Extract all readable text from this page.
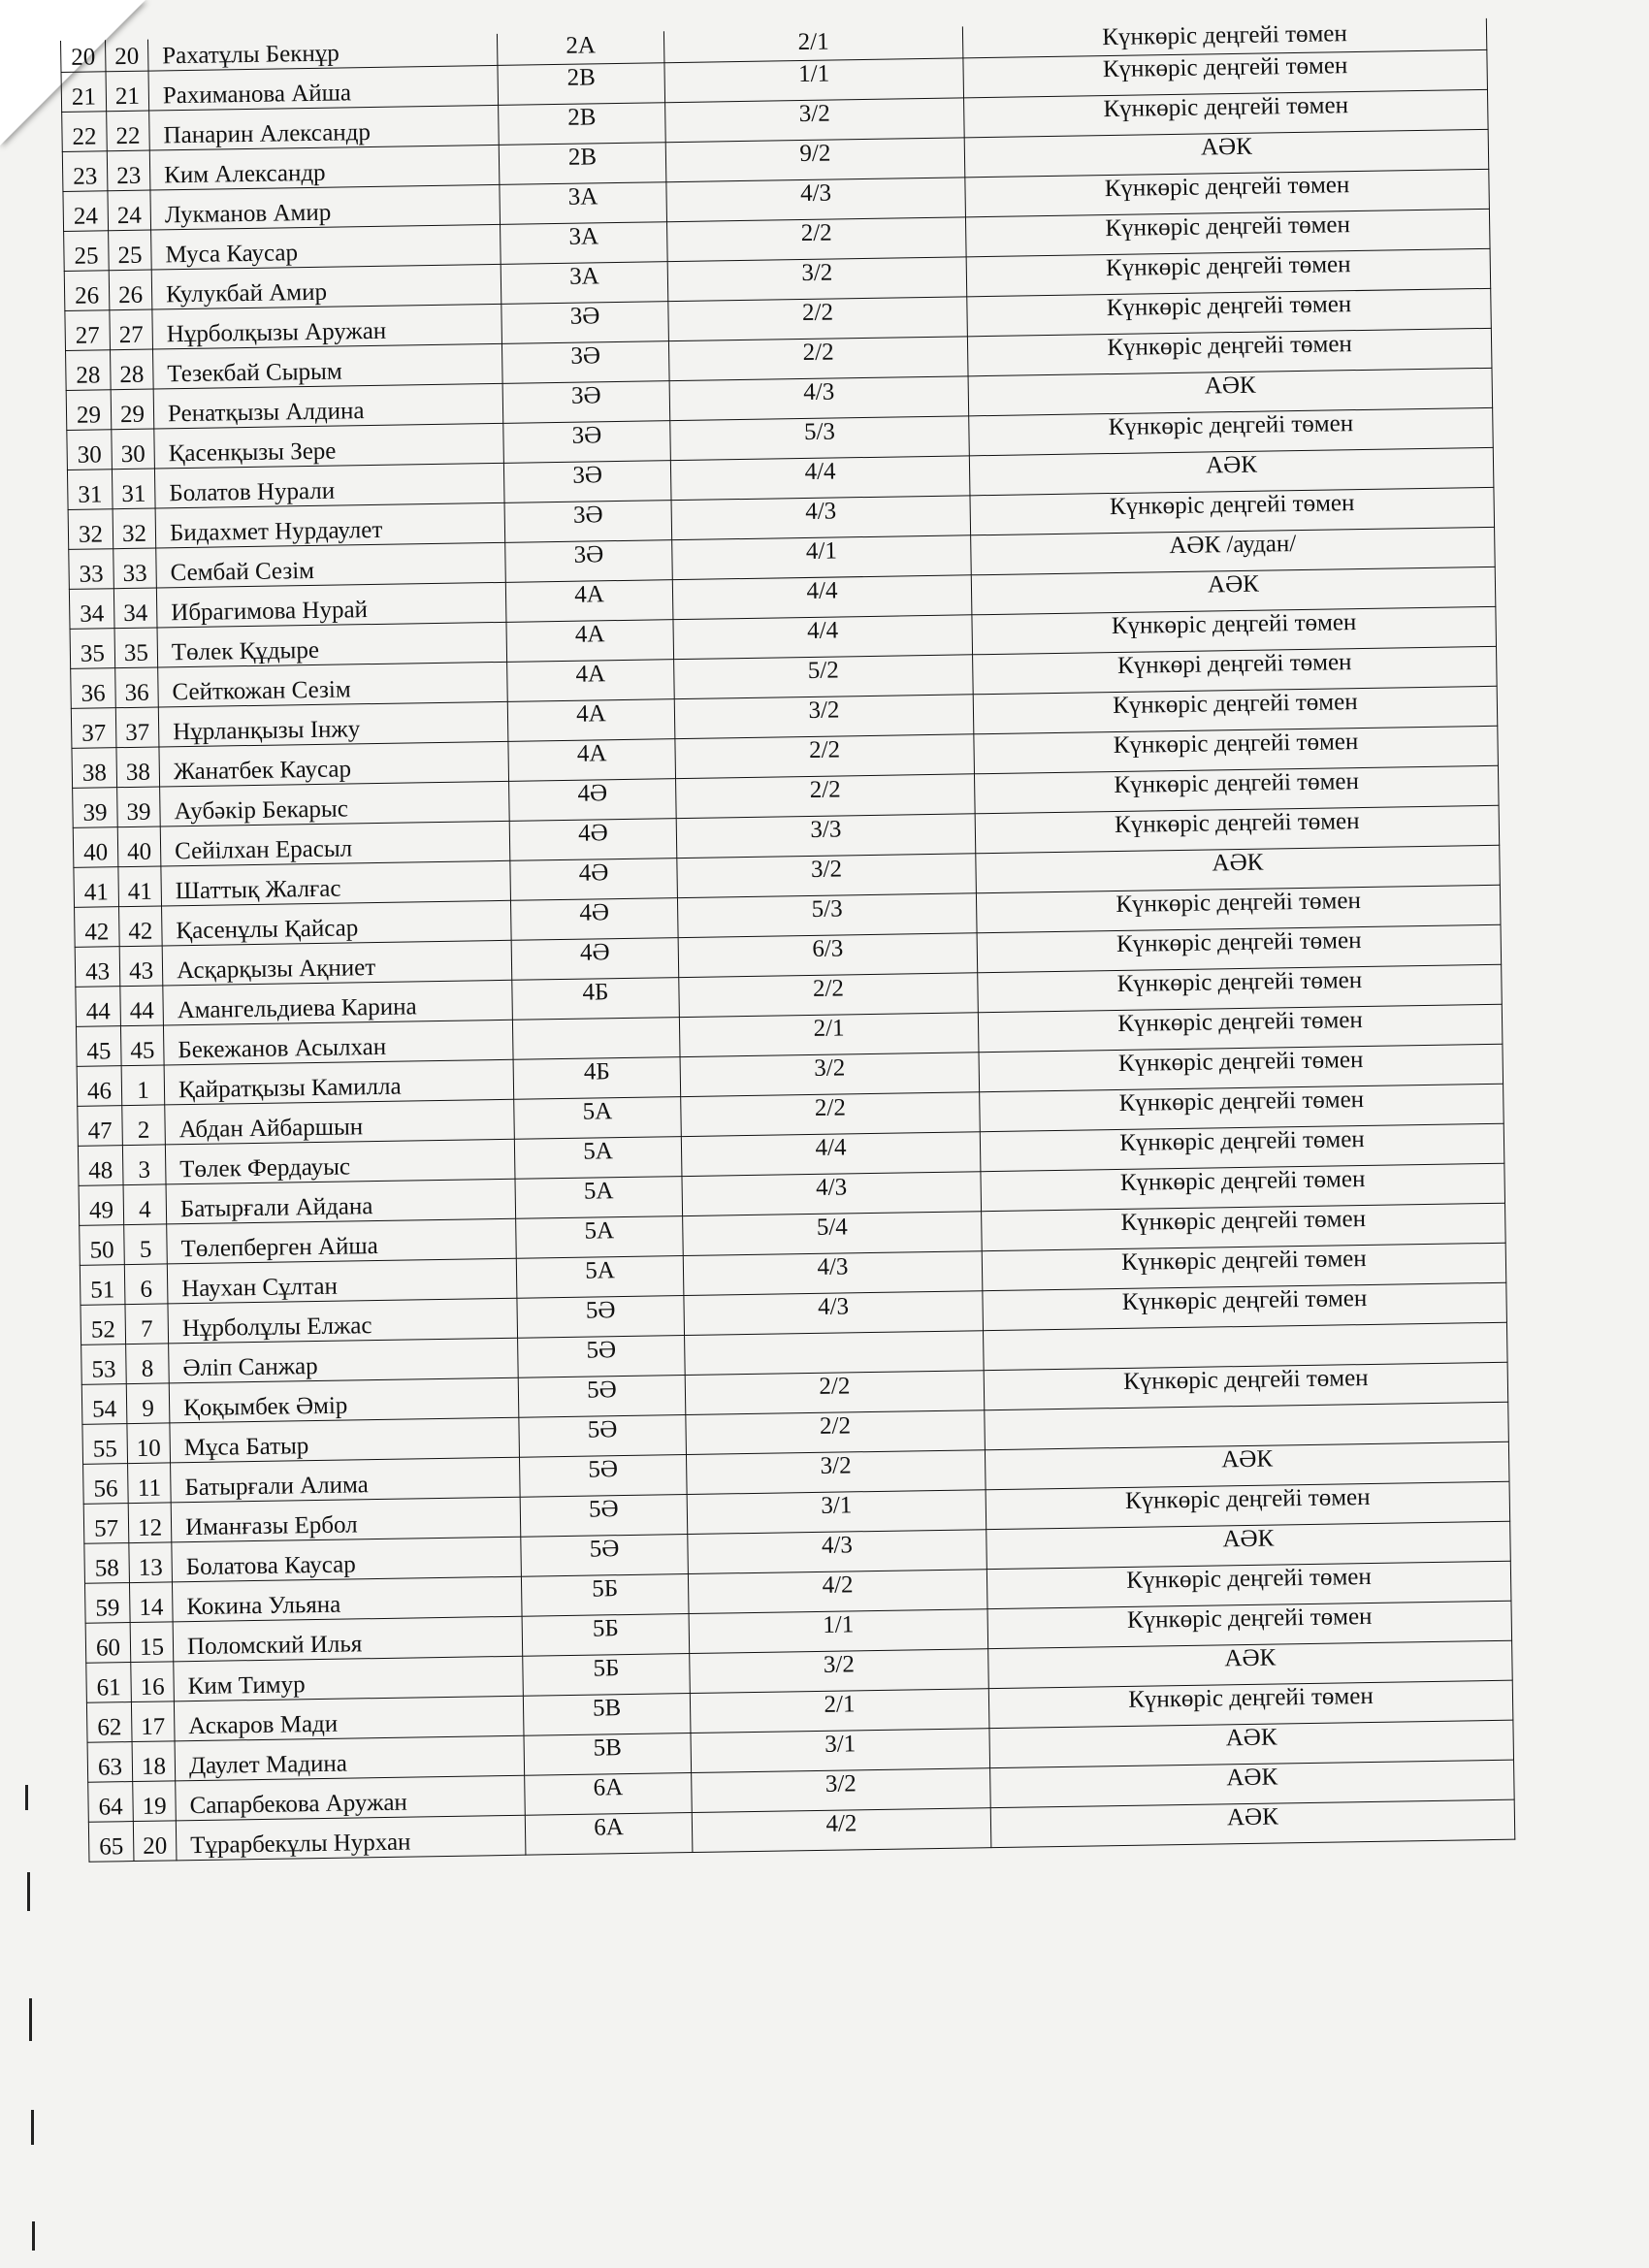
20	20	Рахатұлы Бекнұр	2А	2/1	Күнкөріс деңгейі төмен
21	21	Рахиманова Айша	2В	1/1	Күнкөріс деңгейі төмен
22	22	Панарин Александр	2В	3/2	Күнкөріс деңгейі төмен
23	23	Ким Александр	2В	9/2	АӘК
24	24	Лукманов Амир	3А	4/3	Күнкөріс деңгейі төмен
25	25	Муса Каусар	3А	2/2	Күнкөріс деңгейі төмен
26	26	Кулукбай Амир	3А	3/2	Күнкөріс деңгейі төмен
27	27	Нұрболқызы Аружан	3Ә	2/2	Күнкөріс деңгейі төмен
28	28	Тезекбай Сырым	3Ә	2/2	Күнкөріс деңгейі төмен
29	29	Ренатқызы Алдина	3Ә	4/3	АӘК
30	30	Қасенқызы Зере	3Ә	5/3	Күнкөріс деңгейі төмен
31	31	Болатов Нурали	3Ә	4/4	АӘК
32	32	Бидахмет Нурдаулет	3Ә	4/3	Күнкөріс деңгейі төмен
33	33	Сембай Сезім	3Ә	4/1	АӘК /аудан/
34	34	Ибрагимова Нурай	4А	4/4	АӘК
35	35	Төлек Құдыре	4А	4/4	Күнкөріс деңгейі төмен
36	36	Сейткожан Сезім	4А	5/2	Күнкөрі деңгейі төмен
37	37	Нұрланқызы Інжу	4А	3/2	Күнкөріс деңгейі төмен
38	38	Жанатбек Каусар	4А	2/2	Күнкөріс деңгейі төмен
39	39	Аубәкір Бекарыс	4Ә	2/2	Күнкөріс деңгейі төмен
40	40	Сейілхан Ерасыл	4Ә	3/3	Күнкөріс деңгейі төмен
41	41	Шаттық Жалғас	4Ә	3/2	АӘК
42	42	Қасенұлы Қайсар	4Ә	5/3	Күнкөріс деңгейі төмен
43	43	Асқарқызы Ақниет	4Ә	6/3	Күнкөріс деңгейі төмен
44	44	Амангельдиева Карина	4Б	2/2	Күнкөріс деңгейі төмен
45	45	Бекежанов Асылхан		2/1	Күнкөріс деңгейі төмен
46	1	Қайратқызы Камилла	4Б	3/2	Күнкөріс деңгейі төмен
47	2	Абдан Айбаршын	5А	2/2	Күнкөріс деңгейі төмен
48	3	Төлек Фердауыс	5А	4/4	Күнкөріс деңгейі төмен
49	4	Батырғали Айдана	5А	4/3	Күнкөріс деңгейі төмен
50	5	Төлепберген Айша	5А	5/4	Күнкөріс деңгейі төмен
51	6	Наухан Сұлтан	5А	4/3	Күнкөріс деңгейі төмен
52	7	Нұрболұлы Елжас	5Ә	4/3	Күнкөріс деңгейі төмен
53	8	Әліп Санжар	5Ә		
54	9	Қоқымбек Әмір	5Ә	2/2	Күнкөріс деңгейі төмен
55	10	Мұса Батыр	5Ә	2/2	
56	11	Батырғали Алима	5Ә	3/2	АӘК
57	12	Иманғазы Ербол	5Ә	3/1	Күнкөріс деңгейі төмен
58	13	Болатова Каусар	5Ә	4/3	АӘК
59	14	Кокина Ульяна	5Б	4/2	Күнкөріс деңгейі төмен
60	15	Поломский Илья	5Б	1/1	Күнкөріс деңгейі төмен
61	16	Ким Тимур	5Б	3/2	АӘК
62	17	Аскаров Мади	5В	2/1	Күнкөріс деңгейі төмен
63	18	Даулет Мадина	5В	3/1	АӘК
64	19	Сапарбекова Аружан	6А	3/2	АӘК
65	20	Тұрарбекұлы Нурхан	6А	4/2	АӘК
